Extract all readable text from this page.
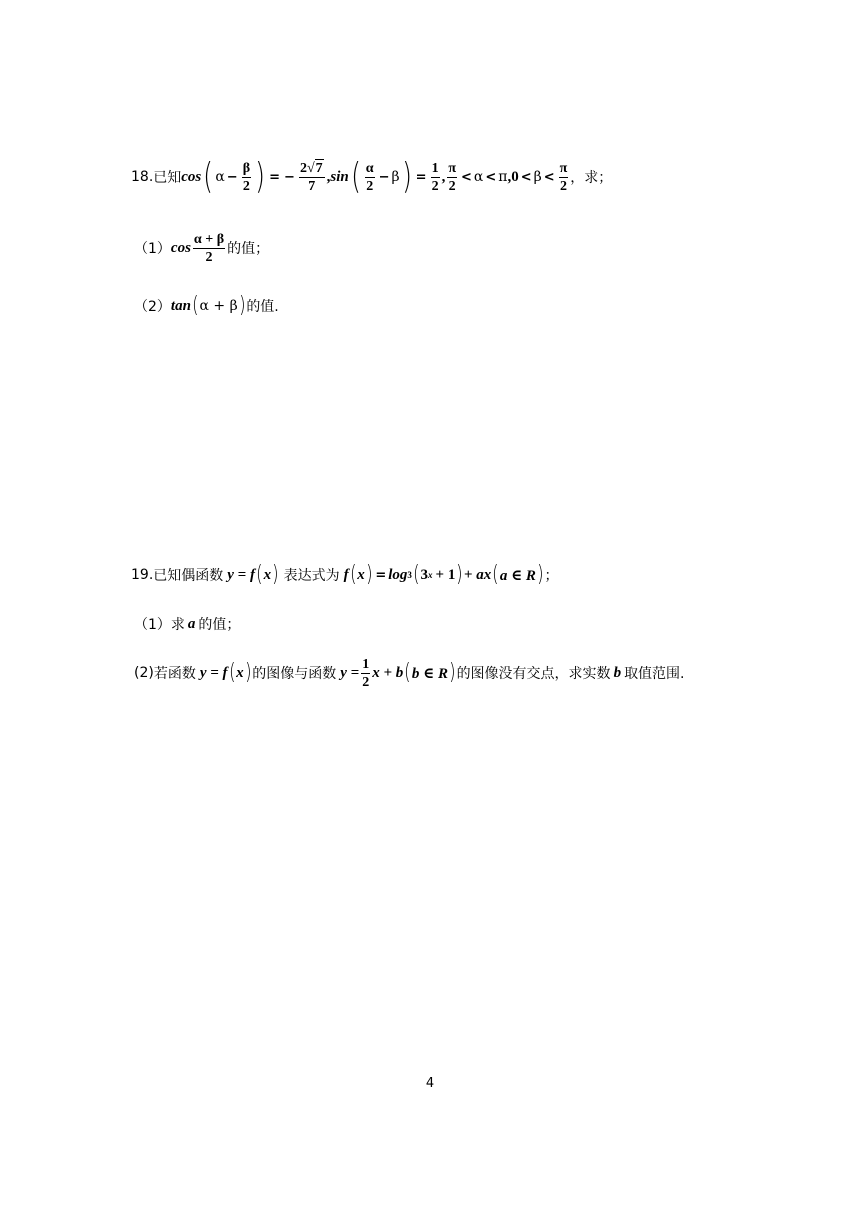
18. 已知 cos ( $\alpha - \frac{\beta}{2}$ ) = − $\frac{2√ 7}{7}$ , sin ( $\frac{\alpha}{2} - \beta$ ) = $\frac{1}{2}$ , $\frac{\pi}{2} < \alpha < \pi$ , $0 < \beta < \frac{\pi}{2}$ ，求；
（1） $\cos \frac{\alpha + \beta}{2}$ 的值；
（2） tan ( α + β ) 的值.
19. 已知偶函数 y = f ( x ) 表达式为 f ( x ) = log 3 ( 3 x + 1 ) + ax ( a ∈ R ) ；
（1） 求 a 的值；
(2) 若函数 y = f ( x ) 的图像与函数 $y = \frac{1}{2}$ x + b ( b ∈ R ) 的图像没有交点，求实数 b 取值范围.
4
